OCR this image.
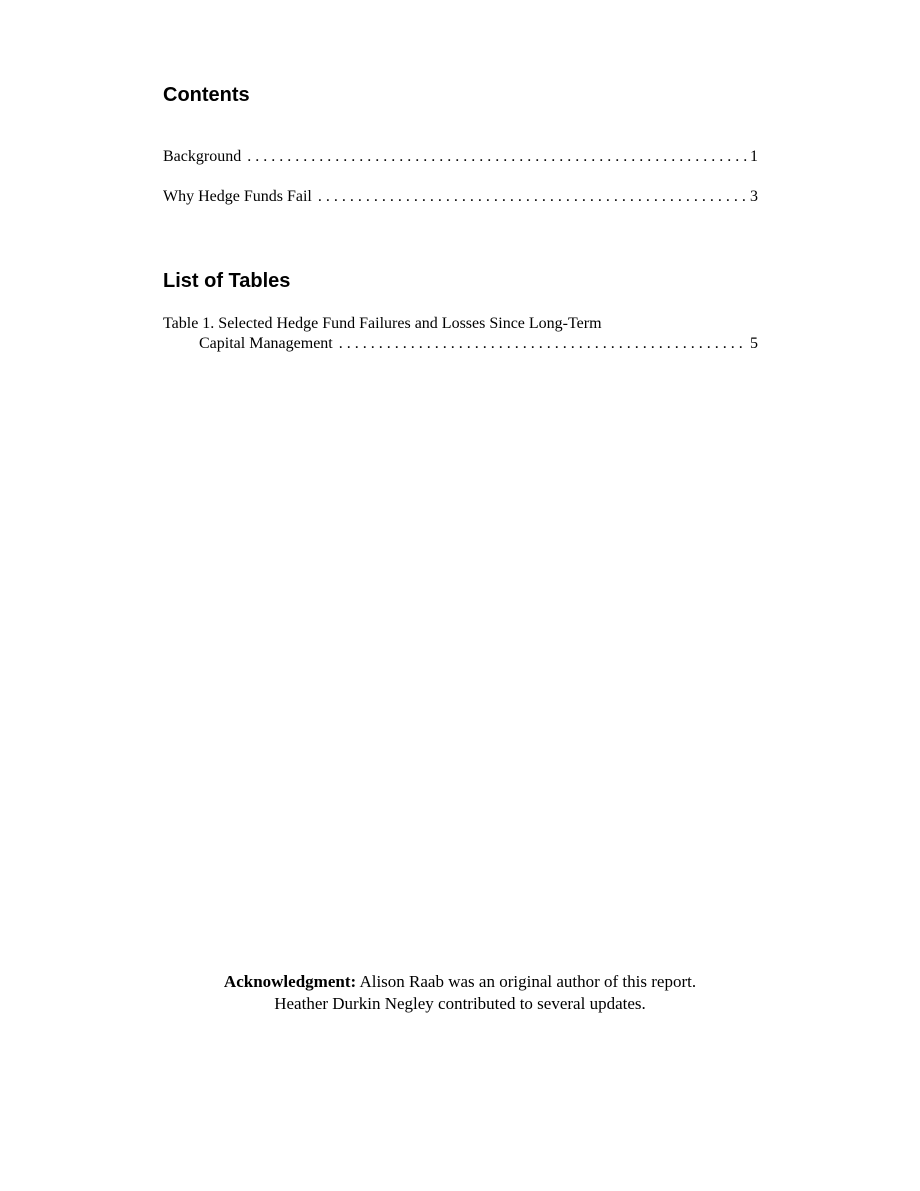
Contents
Background . . .	1
Why Hedge Funds Fail . . .	3
List of Tables
Table 1. Selected Hedge Fund Failures and Losses Since Long-Term
Capital Management . . .	5
Acknowledgment: Alison Raab was an original author of this report.
Heather Durkin Negley contributed to several updates.
